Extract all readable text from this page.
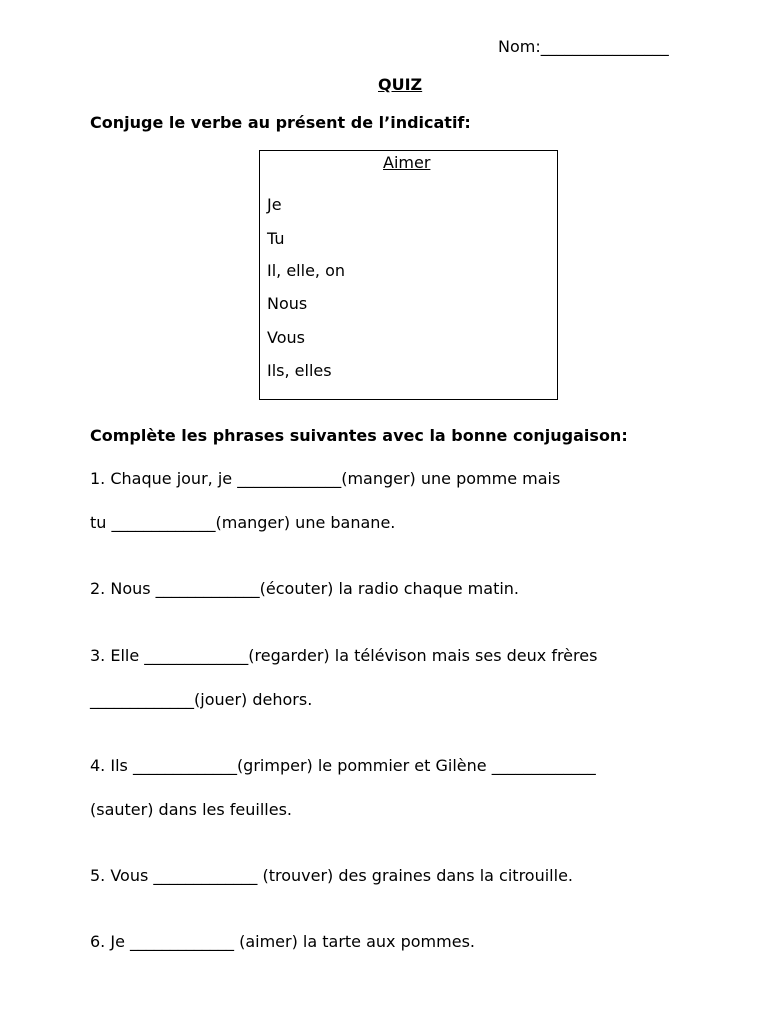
Nom:________________
QUIZ
Conjuge le verbe au présent de l’indicatif:
Aimer
Je
Tu
Il, elle, on
Nous
Vous
Ils, elles
Complète les phrases suivantes avec la bonne conjugaison:
1. Chaque jour, je _____________(manger) une pomme mais
tu _____________(manger) une banane.
2. Nous _____________(écouter) la radio chaque matin.
3. Elle _____________(regarder) la télévison mais ses deux frères
_____________(jouer) dehors.
4. Ils _____________(grimper) le pommier et Gilène _____________
(sauter) dans les feuilles.
5. Vous _____________ (trouver) des graines dans la citrouille.
6. Je _____________ (aimer) la tarte aux pommes.
